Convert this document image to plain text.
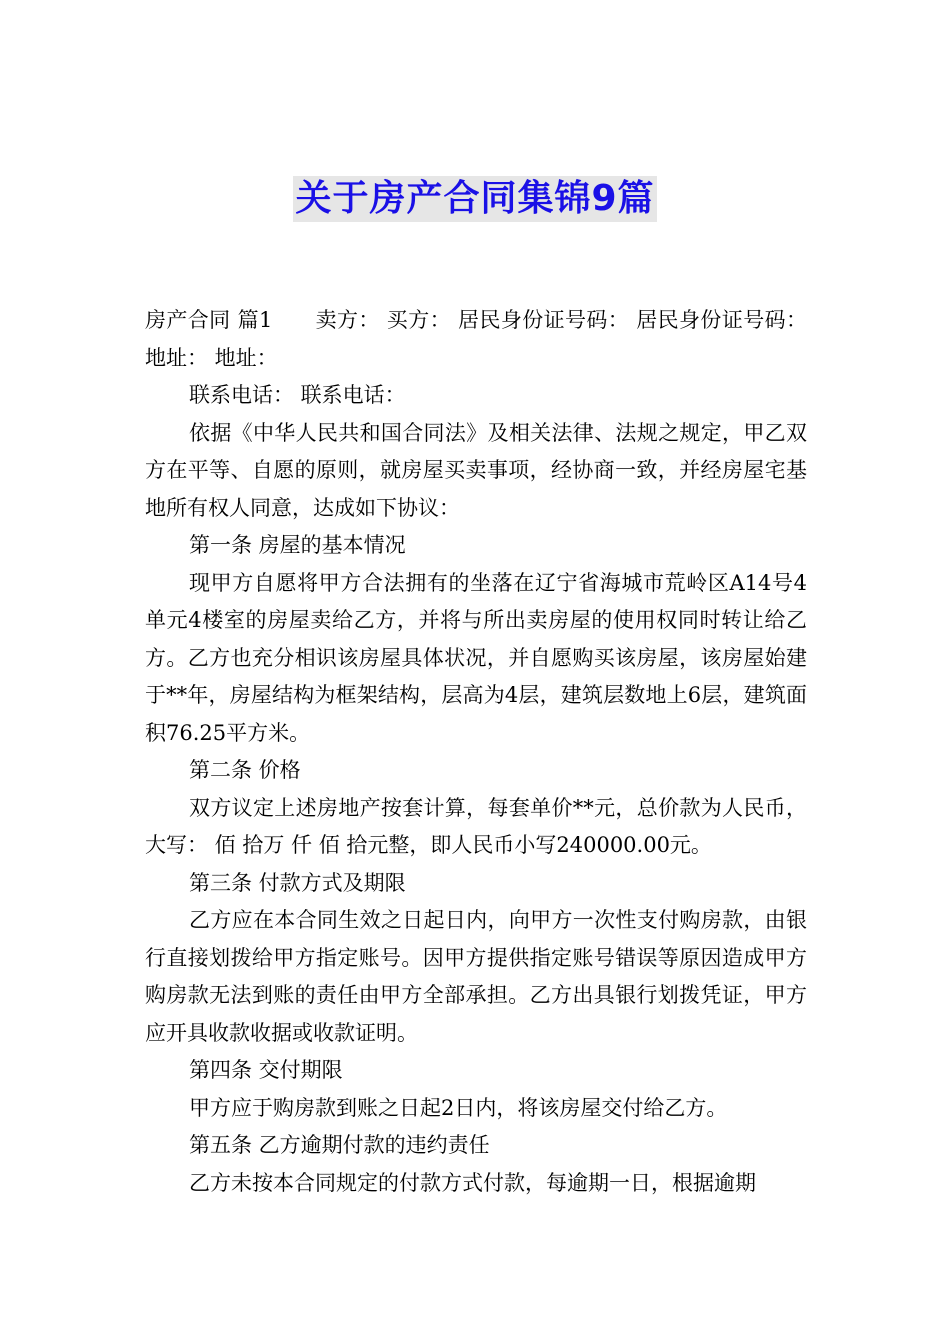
关于房产合同集锦9篇

房产合同 篇1　　卖方： 买方： 居民身份证号码： 居民身份证号码： 地址： 地址：

联系电话： 联系电话：

依据《中华人民共和国合同法》及相关法律、法规之规定，甲乙双方在平等、自愿的原则，就房屋买卖事项，经协商一致，并经房屋宅基地所有权人同意，达成如下协议：

第一条 房屋的基本情况

现甲方自愿将甲方合法拥有的坐落在辽宁省海城市荒岭区A14号4单元4楼室的房屋卖给乙方，并将与所出卖房屋的使用权同时转让给乙方。乙方也充分相识该房屋具体状况，并自愿购买该房屋，该房屋始建于**年，房屋结构为框架结构，层高为4层，建筑层数地上6层，建筑面积76.25平方米。

第二条 价格

双方议定上述房地产按套计算，每套单价**元，总价款为人民币，大写： 佰 拾万 仟 佰 拾元整，即人民币小写240000.00元。

第三条 付款方式及期限

乙方应在本合同生效之日起日内，向甲方一次性支付购房款，由银行直接划拨给甲方指定账号。因甲方提供指定账号错误等原因造成甲方购房款无法到账的责任由甲方全部承担。乙方出具银行划拨凭证，甲方应开具收款收据或收款证明。

第四条 交付期限

甲方应于购房款到账之日起2日内，将该房屋交付给乙方。

第五条 乙方逾期付款的违约责任

乙方未按本合同规定的付款方式付款，每逾期一日，根据逾期
